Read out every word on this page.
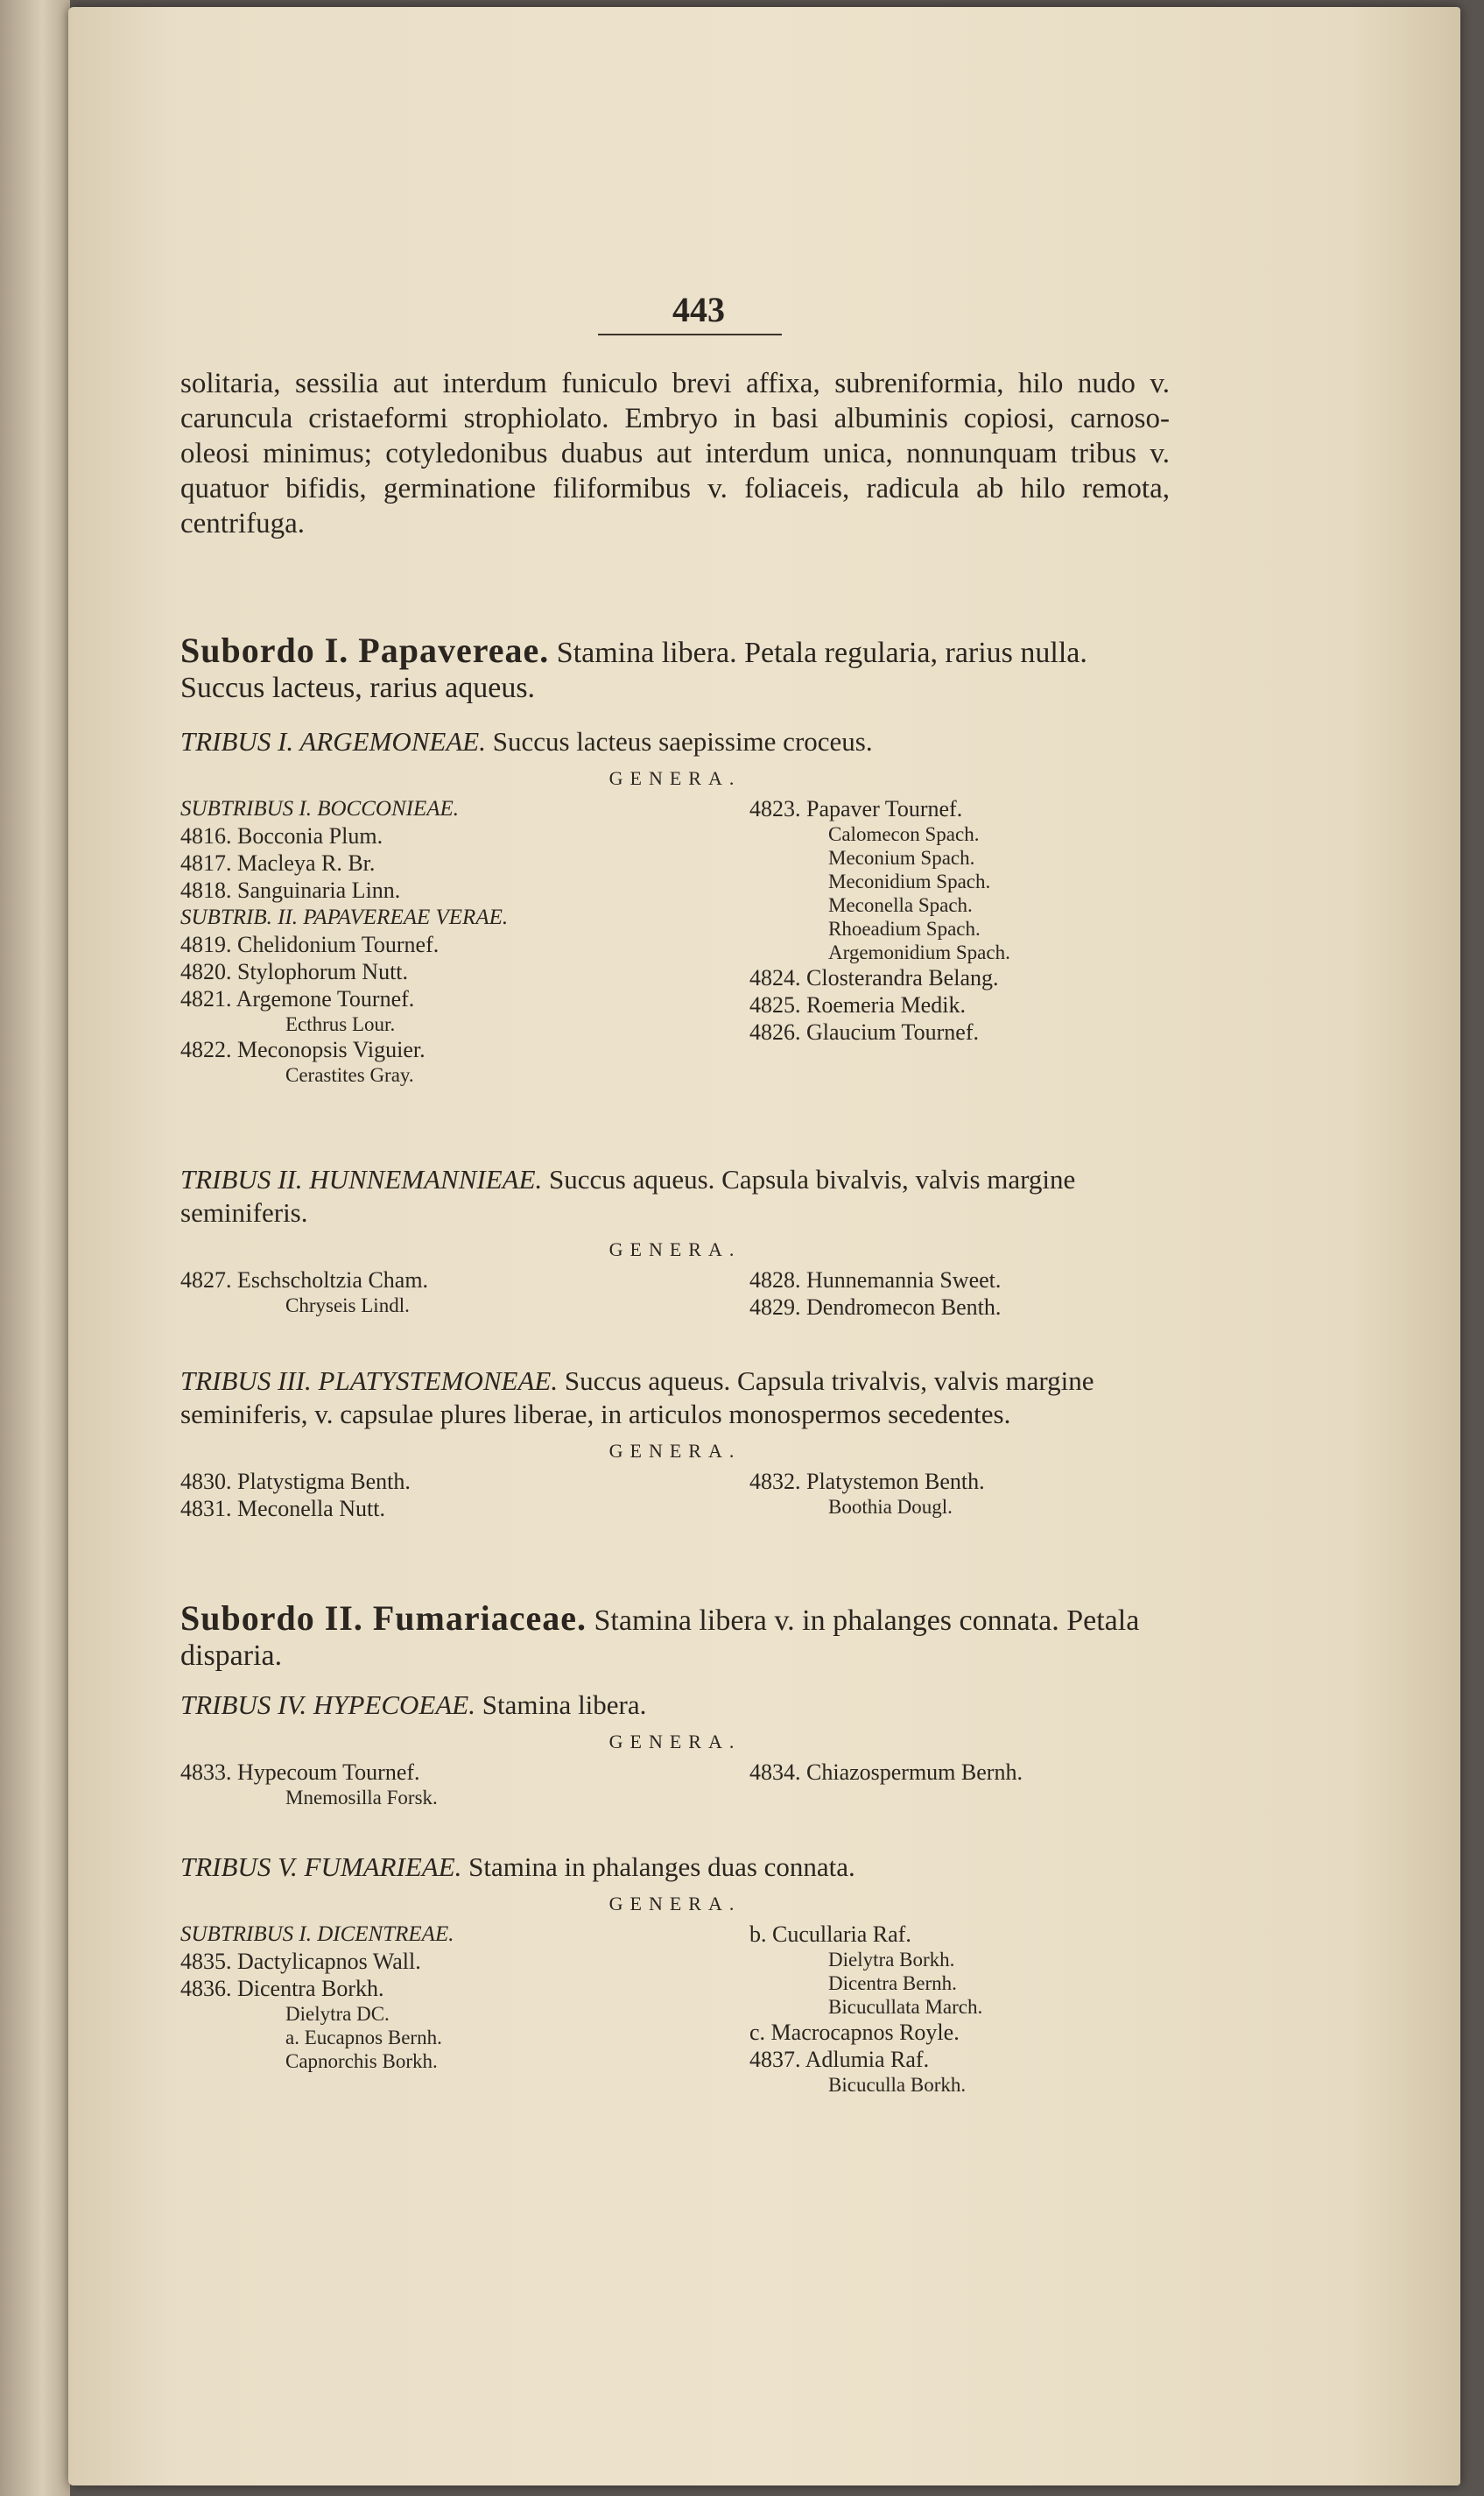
443

solitaria, sessilia aut interdum funiculo brevi affixa, subreniformia, hilo nudo v. caruncula cristaeformi strophiolato. Embryo in basi albuminis copiosi, carnoso-oleosi minimus; cotyledonibus duabus aut interdum unica, nonnunquam tribus v. quatuor bifidis, germinatione filiformibus v. foliaceis, radicula ab hilo remota, centrifuga.

Subordo I. Papavereae. Stamina libera. Petala regularia, rarius nulla. Succus lacteus, rarius aqueus.

TRIBUS I. ARGEMONEAE. Succus lacteus saepissime croceus.

GENERA.
SUBTRIBUS I. BOCCONIEAE.
4816. Bocconia Plum.
4817. Macleya R. Br.
4818. Sanguinaria Linn.
SUBTRIB. II. PAPAVEREAE VERAE.
4819. Chelidonium Tournef.
4820. Stylophorum Nutt.
4821. Argemone Tournef.
Ecthrus Lour.
4822. Meconopsis Viguier.
Cerastites Gray.
4823. Papaver Tournef.
Calomecon Spach.
Meconium Spach.
Meconidium Spach.
Meconella Spach.
Rhoeadium Spach.
Argemonidium Spach.
4824. Closterandra Belang.
4825. Roemeria Medik.
4826. Glaucium Tournef.

TRIBUS II. HUNNEMANNIEAE. Succus aqueus. Capsula bivalvis, valvis margine seminiferis.

GENERA.
4827. Eschscholtzia Cham.
Chryseis Lindl.
4828. Hunnemannia Sweet.
4829. Dendromecon Benth.

TRIBUS III. PLATYSTEMONEAE. Succus aqueus. Capsula trivalvis, valvis margine seminiferis, v. capsulae plures liberae, in articulos monospermos secedentes.

GENERA.
4830. Platystigma Benth.
4831. Meconella Nutt.
4832. Platystemon Benth.
Boothia Dougl.
Subordo II. Fumariaceae. Stamina libera v. in phalanges connata. Petala disparia.

TRIBUS IV. HYPECOEAE. Stamina libera.

GENERA.
4833. Hypecoum Tournef.
Mnemosilla Forsk.
4834. Chiazospermum Bernh.

TRIBUS V. FUMARIEAE. Stamina in phalanges duas connata.

GENERA.
SUBTRIBUS I. DICENTREAE.
4835. Dactylicapnos Wall.
4836. Dicentra Borkh.
Dielytra DC.
a. Eucapnos Bernh.
Capnorchis Borkh.
b. Cucullaria Raf.
Dielytra Borkh.
Dicentra Bernh.
Bicucullata March.
c. Macrocapnos Royle.
4837. Adlumia Raf.
Bicuculla Borkh.
